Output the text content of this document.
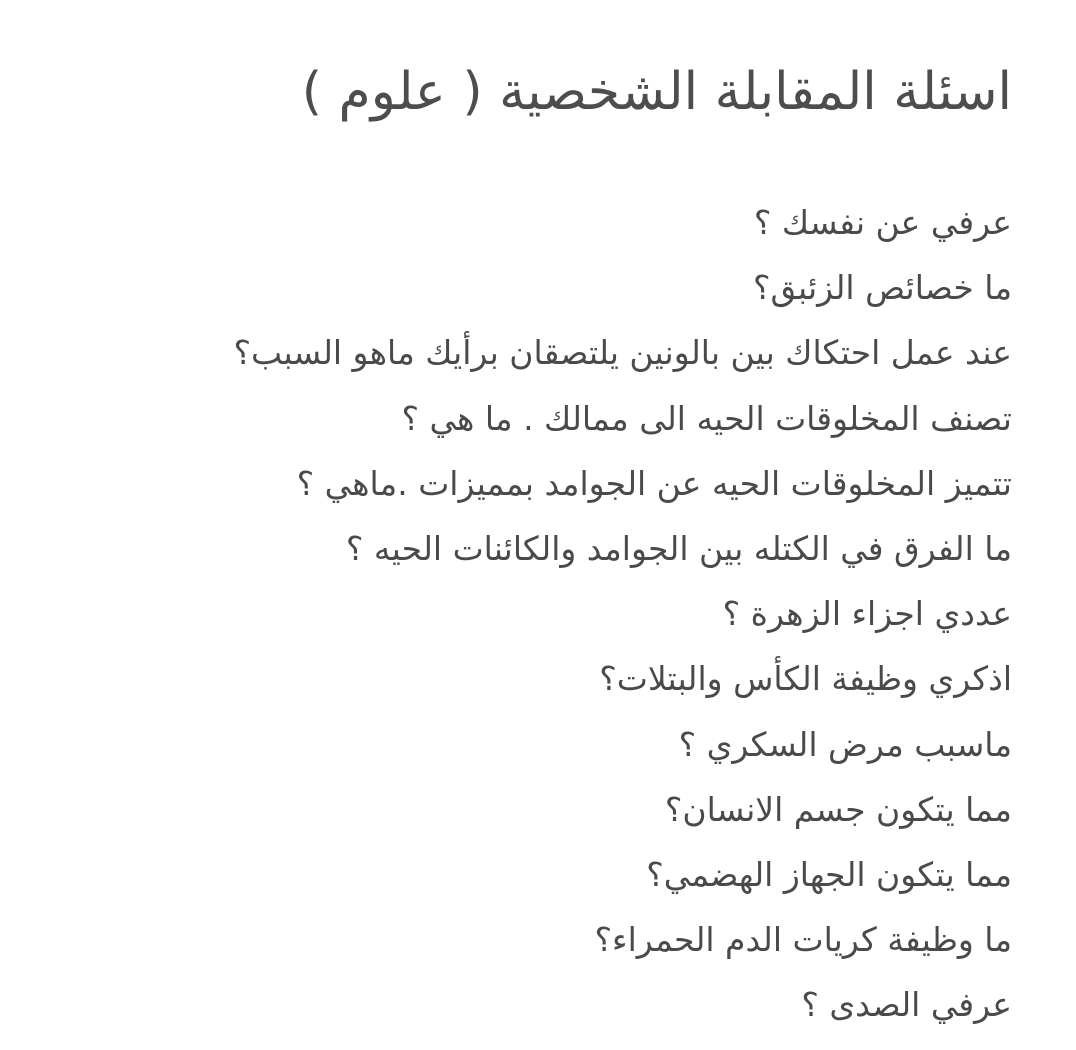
اسئلة المقابلة الشخصية ( علوم )
عرفي عن نفسك ؟
ما خصائص الزئبق؟
عند عمل احتكاك بين بالونين يلتصقان برأيك ماهو السبب؟
تصنف المخلوقات الحيه الى ممالك . ما هي ؟
تتميز المخلوقات الحيه عن الجوامد بمميزات .ماهي ؟
ما الفرق في الكتله بين الجوامد والكائنات الحيه ؟
عددي اجزاء الزهرة ؟
اذكري وظيفة الكأس والبتلات؟
ماسبب مرض السكري ؟
مما يتكون جسم الانسان؟
مما يتكون الجهاز الهضمي؟
ما وظيفة كريات الدم الحمراء؟
عرفي الصدى ؟
